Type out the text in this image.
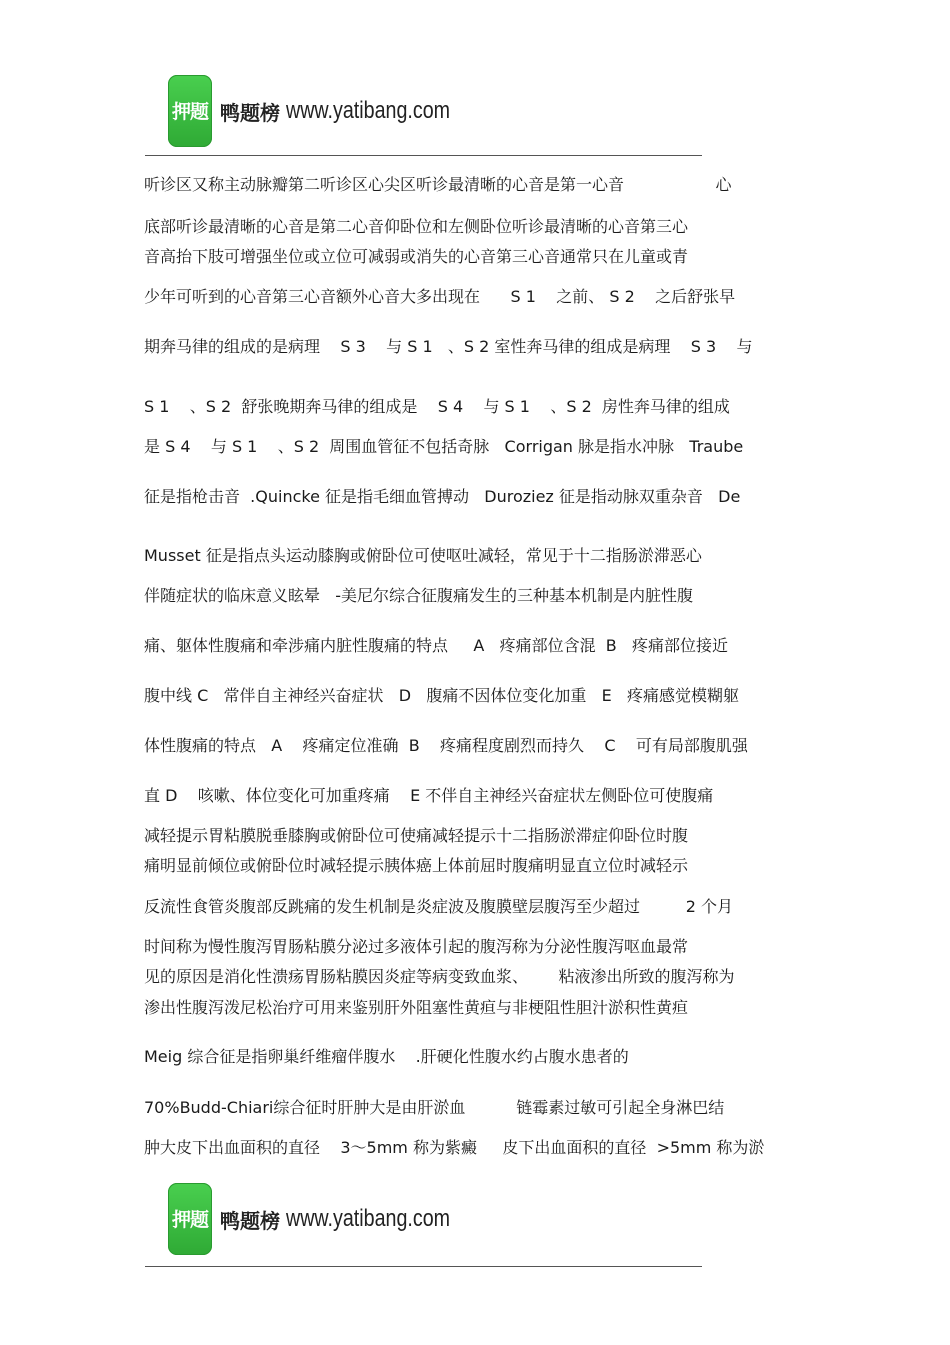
押题 鸭题榜 www.yatibang.com
听诊区又称主动脉瓣第二听诊区心尖区听诊最清晰的心音是第一心音                  心
底部听诊最清晰的心音是第二心音仰卧位和左侧卧位听诊最清晰的心音第三心
音高抬下肢可增强坐位或立位可减弱或消失的心音第三心音通常只在儿童或青
少年可听到的心音第三心音额外心音大多出现在      S 1    之前、 S 2    之后舒张早
期奔马律的组成的是病理    S 3    与 S 1   、S 2 室性奔马律的组成是病理    S 3    与
S 1    、S 2  舒张晚期奔马律的组成是    S 4    与 S 1    、S 2  房性奔马律的组成
是 S 4    与 S 1    、S 2  周围血管征不包括奇脉   Corrigan 脉是指水冲脉   Traube
征是指枪击音  .Quincke 征是指毛细血管搏动   Duroziez 征是指动脉双重杂音   De
Musset 征是指点头运动膝胸或俯卧位可使呕吐减轻，常见于十二指肠淤滞恶心
伴随症状的临床意义眩晕   -美尼尔综合征腹痛发生的三种基本机制是内脏性腹
痛、躯体性腹痛和牵涉痛内脏性腹痛的特点     A   疼痛部位含混  B   疼痛部位接近
腹中线 C   常伴自主神经兴奋症状   D   腹痛不因体位变化加重   E   疼痛感觉模糊躯
体性腹痛的特点   A    疼痛定位准确  B    疼痛程度剧烈而持久    C    可有局部腹肌强
直 D    咳嗽、体位变化可加重疼痛    E 不伴自主神经兴奋症状左侧卧位可使腹痛
减轻提示胃粘膜脱垂膝胸或俯卧位可使痛减轻提示十二指肠淤滞症仰卧位时腹
痛明显前倾位或俯卧位时减轻提示胰体癌上体前屈时腹痛明显直立位时减轻示
反流性食管炎腹部反跳痛的发生机制是炎症波及腹膜壁层腹泻至少超过         2 个月
时间称为慢性腹泻胃肠粘膜分泌过多液体引起的腹泻称为分泌性腹泻呕血最常
见的原因是消化性溃疡胃肠粘膜因炎症等病变致血浆、      粘液渗出所致的腹泻称为
渗出性腹泻泼尼松治疗可用来鉴别肝外阻塞性黄疸与非梗阻性胆汁淤积性黄疸
Meig 综合征是指卵巢纤维瘤伴腹水    .肝硬化性腹水约占腹水患者的
70%Budd-Chiari综合征时肝肿大是由肝淤血          链霉素过敏可引起全身淋巴结
肿大皮下出血面积的直径    3～5mm 称为紫癜     皮下出血面积的直径  >5mm 称为淤
押题 鸭题榜 www.yatibang.com
